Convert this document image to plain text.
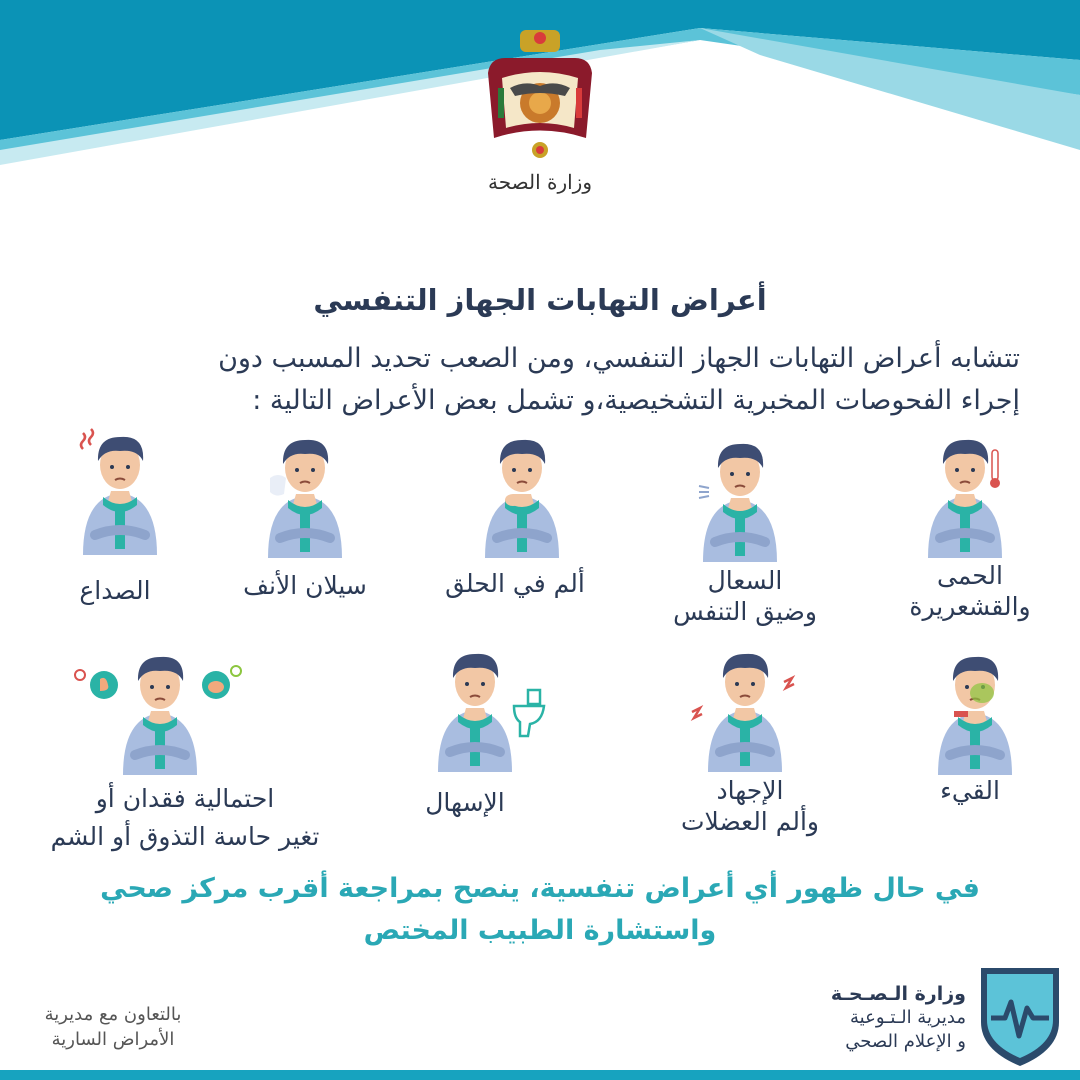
وزارة الصحة
أعراض التهابات الجهاز التنفسي
تتشابه أعراض التهابات الجهاز التنفسي، ومن الصعب تحديد المسبب دون
إجراء الفحوصات المخبرية التشخيصية،و تشمل بعض الأعراض التالية :
الحمى
والقشعريرة
السعال
وضيق التنفس
ألم في الحلق
سيلان الأنف
الصداع
القيء
الإجهاد
وألم العضلات
الإسهال
احتمالية فقدان أو
تغير حاسة التذوق أو الشم
في حال ظهور أي أعراض تنفسية، ينصح بمراجعة أقرب مركز صحي
واستشارة الطبيب المختص
بالتعاون مع مديرية
الأمراض السارية
وزارة الـصـحـة
مديرية الـتـوعية
و الإعلام الصحي
